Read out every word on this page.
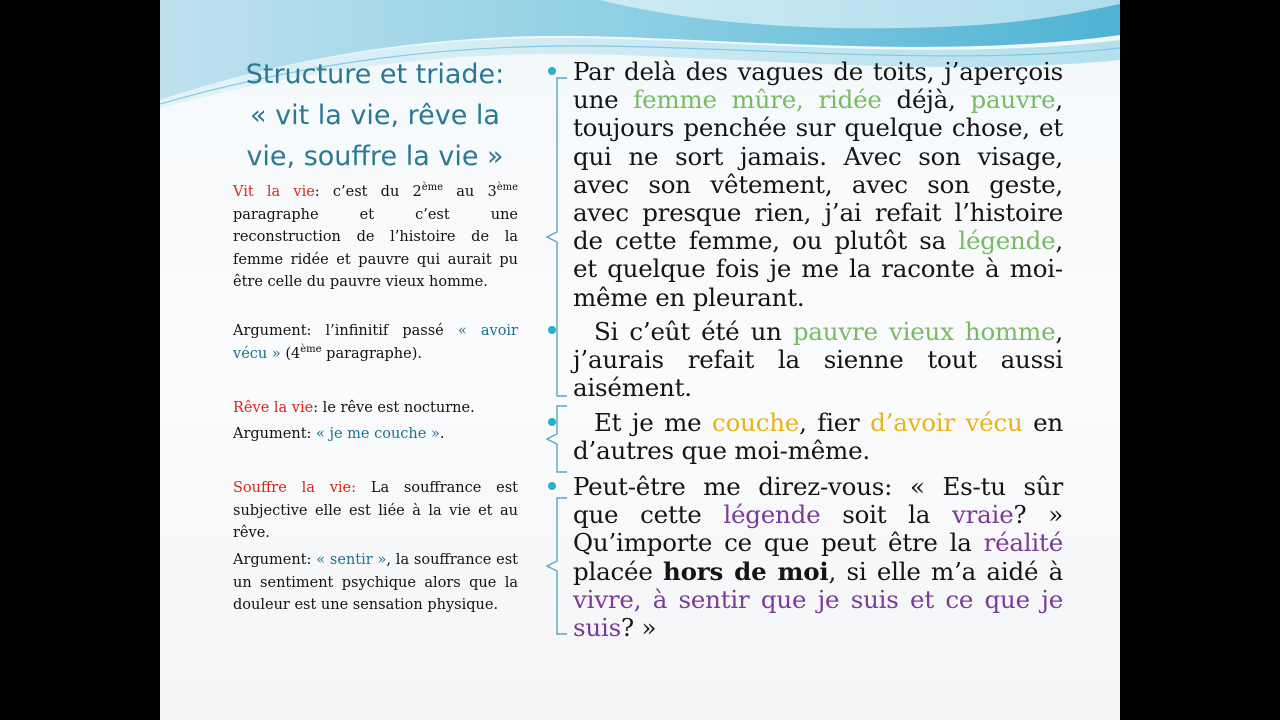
Structure et triade:
« vit la vie, rêve la
vie, souffre la vie »

Vit la vie: c’est du 2ème au 3ème paragraphe et c’est une reconstruction de l’histoire de la femme ridée et pauvre qui aurait pu être celle du pauvre vieux homme.

Argument: l’infinitif passé « avoir vécu » (4ème paragraphe).

Rêve la vie: le rêve est nocturne.

Argument: « je me couche ».

Souffre la vie: La souffrance est subjective elle est liée à la vie et au rêve.

Argument: « sentir », la souffrance est un sentiment psychique alors que la douleur est une sensation physique.

Par delà des vagues de toits, j’aperçois une femme mûre, ridée déjà, pauvre, toujours penchée sur quelque chose, et qui ne sort jamais. Avec son visage, avec son vêtement, avec son geste, avec presque rien, j’ai refait l’histoire de cette femme, ou plutôt sa légende, et quelque fois je me la raconte à moi-même en pleurant.

Si c’eût été un pauvre vieux homme, j’aurais refait la sienne tout aussi aisément.

Et je me couche, fier d’avoir vécu en d’autres que moi-même.

Peut-être me direz-vous: « Es-tu sûr que cette légende soit la vraie? » Qu’importe ce que peut être la réalité placée hors de moi, si elle m’a aidé à vivre, à sentir que je suis et ce que je suis? »
